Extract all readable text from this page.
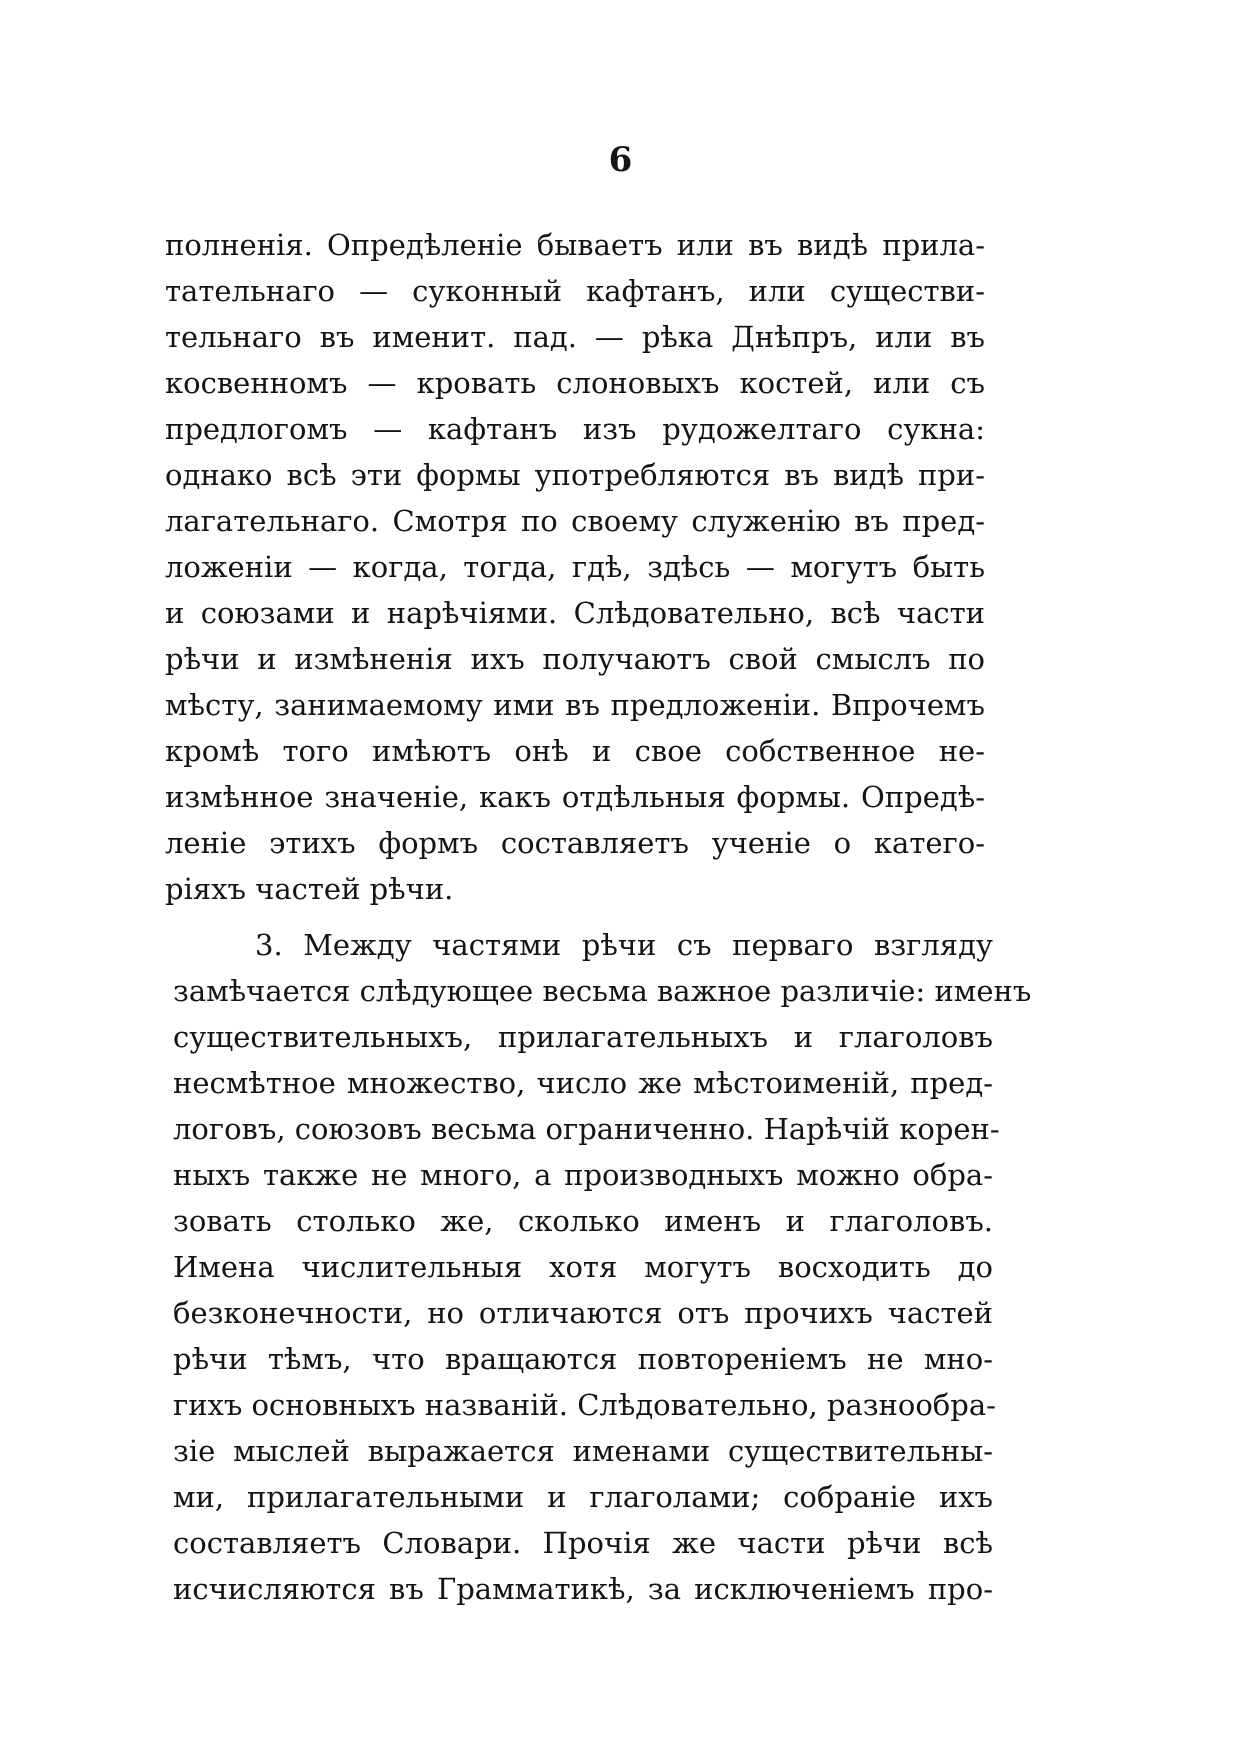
6
полненія. Опредѣленіе бываетъ или въ видѣ прила-
тательнаго — суконный кафтанъ, или существи-
тельнаго въ именит. пад. — рѣка Днѣпръ, или въ
косвенномъ — кровать слоновыхъ костей, или съ
предлогомъ — кафтанъ изъ рудожелтаго сукна:
однако всѣ эти формы употребляются въ видѣ при-
лагательнаго. Смотря по своему служенію въ пред-
ложеніи — когда, тогда, гдѣ, здѣсь — могутъ быть
и союзами и нарѣчіями. Слѣдовательно, всѣ части
рѣчи и измѣненія ихъ получаютъ свой смыслъ по
мѣсту, занимаемому ими въ предложеніи. Впрочемъ
кромѣ того имѣютъ онѣ и свое собственное не-
измѣнное значеніе, какъ отдѣльныя формы. Опредѣ-
леніе этихъ формъ составляетъ ученіе о катего-
ріяхъ частей рѣчи.
3. Между частями рѣчи съ перваго взгляду
замѣчается слѣдующее весьма важное различіе: именъ
существительныхъ, прилагательныхъ и глаголовъ
несмѣтное множество, число же мѣстоименій, пред-
логовъ, союзовъ весьма ограниченно. Нарѣчій корен-
ныхъ также не много, а производныхъ можно обра-
зовать столько же, сколько именъ и глаголовъ.
Имена числительныя хотя могутъ восходить до
безконечности, но отличаются отъ прочихъ частей
рѣчи тѣмъ, что вращаются повтореніемъ не мно-
гихъ основныхъ названій. Слѣдовательно, разнообра-
зіе мыслей выражается именами существительны-
ми, прилагательными и глаголами; собраніе ихъ
составляетъ Словари. Прочія же части рѣчи всѣ
исчисляются въ Грамматикѣ, за исключеніемъ про-
